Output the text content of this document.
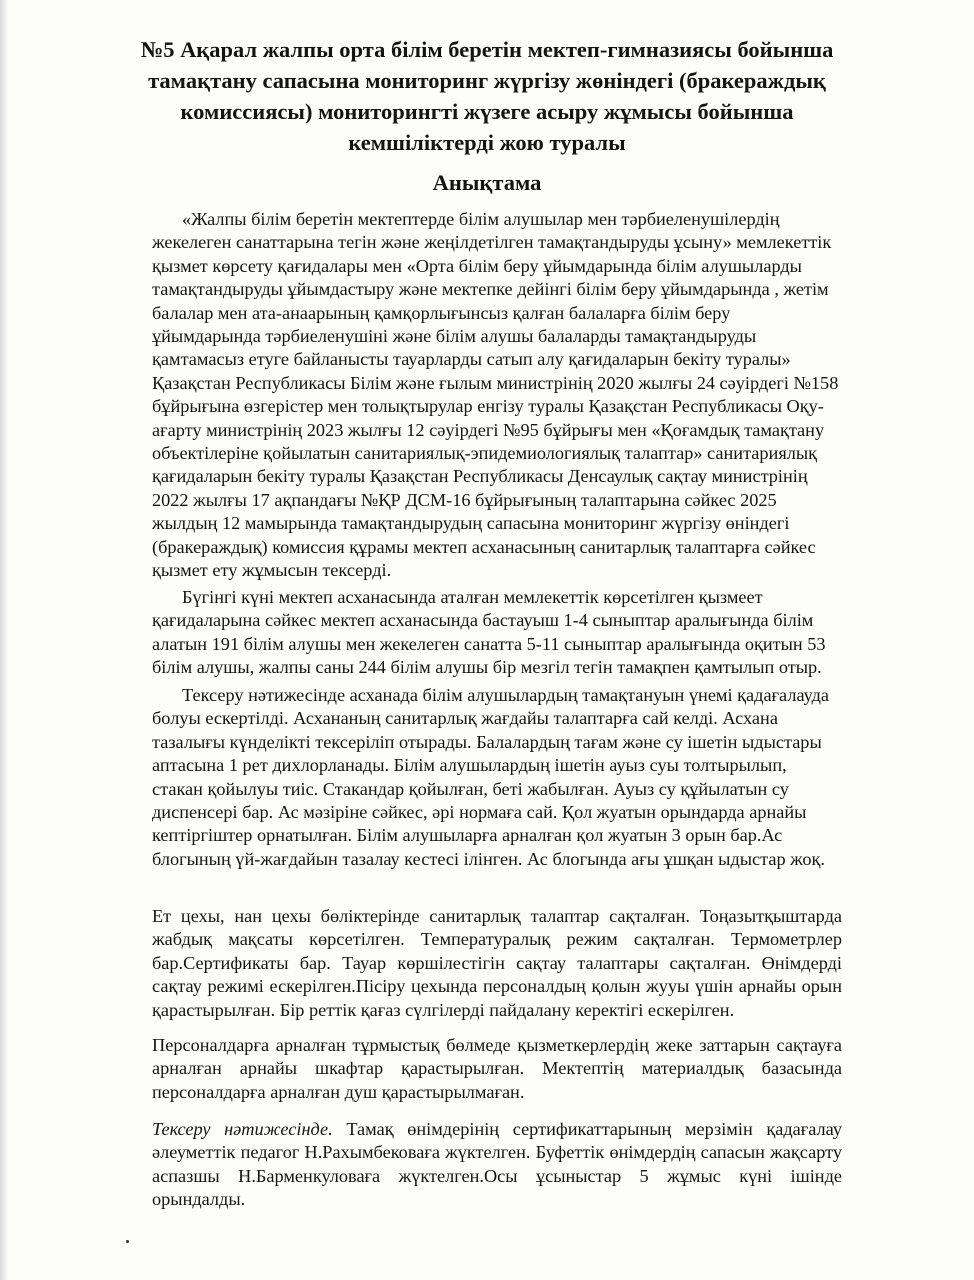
№5 Ақарал жалпы орта білім беретін мектеп-гимназиясы бойынша тамақтану сапасына мониторинг жүргізу жөніндегі (бракераждық комиссиясы) мониторингті жүзеге асыру жұмысы бойынша кемшіліктерді жою туралы
Анықтама
«Жалпы білім беретін мектептерде білім алушылар мен тәрбиеленушілердің жекелеген санаттарына тегін және жеңілдетілген тамақтандыруды ұсыну» мемлекеттік қызмет көрсету қағидалары мен «Орта білім беру ұйымдарында білім алушыларды тамақтандыруды ұйымдастыру және мектепке дейінгі білім беру ұйымдарында , жетім балалар мен ата-анаарының қамқорлығынсыз қалған балаларға білім беру ұйымдарында тәрбиеленушіні және білім алушы балаларды тамақтандыруды қамтамасыз етуге байланысты тауарларды сатып алу қағидаларын бекіту туралы» Қазақстан Республикасы Білім және ғылым министрінің 2020 жылғы 24 сәуірдегі №158 бұйрығына өзгерістер мен толықтырулар енгізу туралы Қазақстан Республикасы Оқу-ағарту министрінің 2023 жылғы 12 сәуірдегі №95 бұйрығы мен «Қоғамдық тамақтану объектілеріне қойылатын санитариялық-эпидемиологиялық талаптар» санитариялық қағидаларын бекіту туралы Қазақстан Республикасы Денсаулық сақтау министрінің 2022 жылғы 17 ақпандағы №ҚР ДСМ-16 бұйрығының талаптарына сәйкес 2025 жылдың 12 мамырында тамақтандырудың сапасына мониторинг жүргізу өніндегі (бракераждық) комиссия құрамы мектеп асханасының санитарлық талаптарға сәйкес қызмет ету жұмысын тексерді.
Бүгінгі күні мектеп асханасында аталған мемлекеттік көрсетілген қызмеет қағидаларына сәйкес мектеп асханасында бастауыш 1-4 сыныптар аралығында білім алатын 191 білім алушы мен жекелеген санатта 5-11 сыныптар аралығында оқитын 53 білім алушы, жалпы саны 244 білім алушы бір мезгіл тегін тамақпен қамтылып отыр.
Тексеру нәтижесінде асханада білім алушылардың тамақтануын үнемі қадағалауда болуы ескертілді. Асхананың санитарлық жағдайы талаптарға сай келді. Асхана тазалығы күнделікті тексеріліп отырады. Балалардың тағам және су ішетін ыдыстары аптасына 1 рет дихлорланады. Білім алушылардың ішетін ауыз суы толтырылып, стакан қойылуы тиіс. Стакандар қойылған, беті жабылған. Ауыз су құйылатын су диспенсері бар. Ас мәзіріне сәйкес, әрі нормаға сай. Қол жуатын орындарда арнайы кептіргіштер орнатылған. Білім алушыларға арналған қол жуатын 3 орын бар.Ас блогының үй-жағдайын тазалау кестесі ілінген. Ас блогында ағы ұшқан ыдыстар жоқ.
Ет цехы, нан цехы бөліктерінде санитарлық талаптар сақталған. Тоңазытқыштарда жабдық мақсаты көрсетілген. Температуралық режим сақталған. Термометрлер бар.Сертификаты бар. Тауар көршілестігін сақтау талаптары сақталған. Өнімдерді сақтау режимі ескерілген.Пісіру цехында персоналдың қолын жууы үшін арнайы орын қарастырылған. Бір реттік қағаз сүлгілерді пайдалану керектігі ескерілген.
Персоналдарға арналған тұрмыстық бөлмеде қызметкерлердің жеке заттарын сақтауға арналған арнайы шкафтар қарастырылған. Мектептің материалдық базасында персоналдарға арналған душ қарастырылмаған.
Тексеру нәтижесінде. Тамақ өнімдерінің сертификаттарының мерзімін қадағалау әлеуметтік педагог Н.Рахымбековаға жүктелген. Буфеттік өнімдердің сапасын жақсарту аспазшы Н.Барменкуловаға жүктелген.Осы ұсыныстар 5 жұмыс күні ішінде орындалды.
